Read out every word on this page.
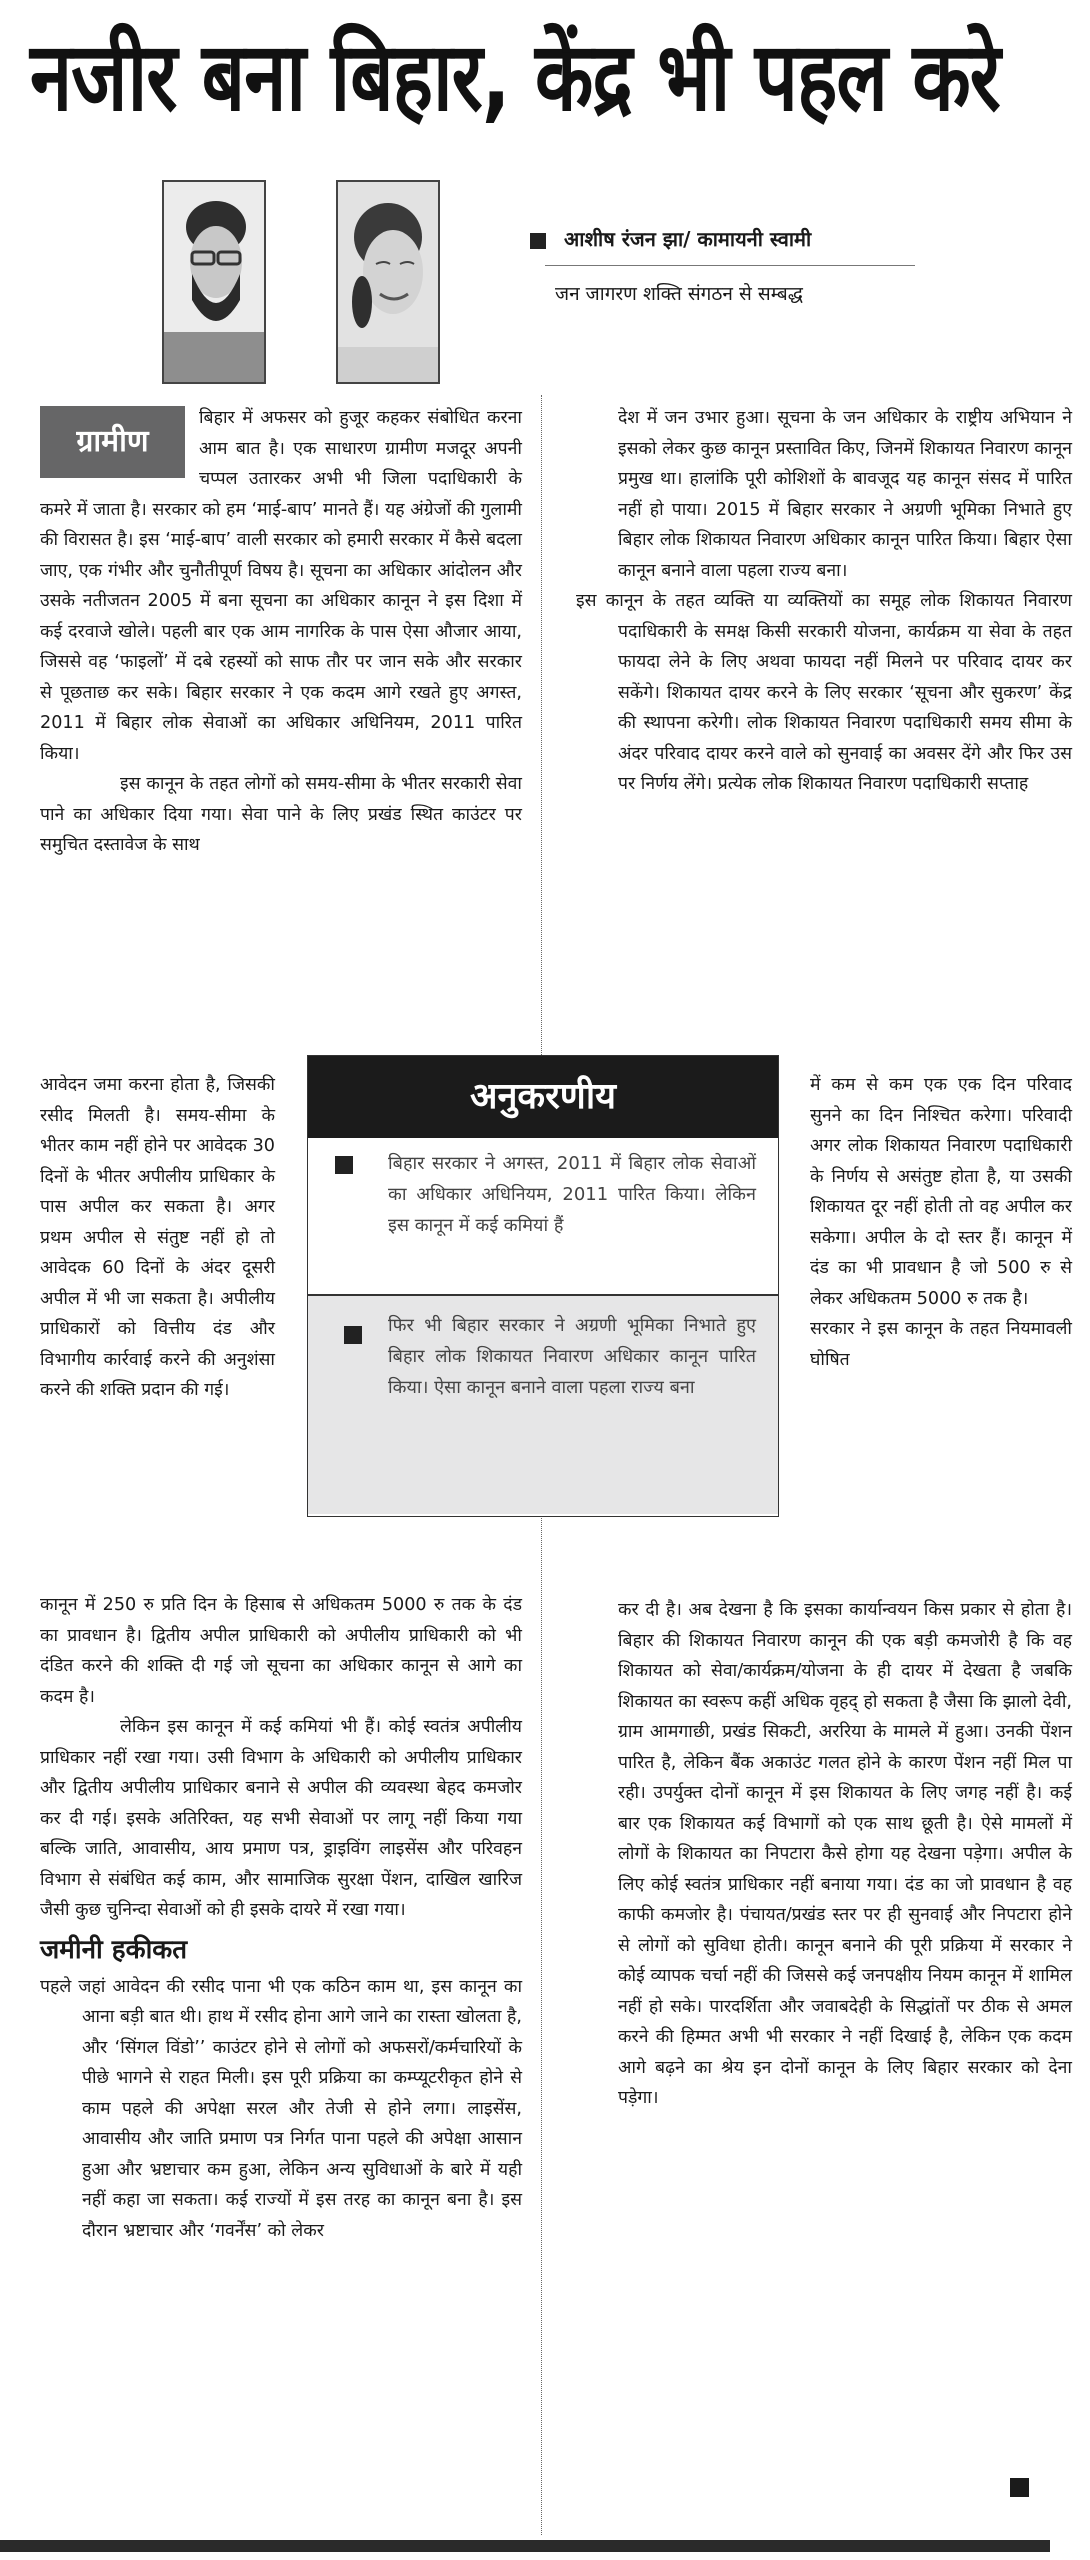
नजीर बना बिहार, केंद्र भी पहल करे
आशीष रंजन झा/ कामायनी स्वामी
जन जागरण शक्ति संगठन से सम्बद्ध
ग्रामीण

बिहार में अफसर को हुजूर कहकर संबोधित करना आम बात है। एक साधारण ग्रामीण मजदूर अपनी चप्पल उतारकर अभी भी जिला पदाधिकारी के कमरे में जाता है। सरकार को हम ‘माई-बाप’ मानते हैं। यह अंग्रेजों की गुलामी की विरासत है। इस ‘माई-बाप’ वाली सरकार को हमारी सरकार में कैसे बदला जाए, एक गंभीर और चुनौतीपूर्ण विषय है। सूचना का अधिकार आंदोलन और उसके नतीजतन 2005 में बना सूचना का अधिकार कानून ने इस दिशा में कई दरवाजे खोले। पहली बार एक आम नागरिक के पास ऐसा औजार आया, जिससे वह ‘फाइलों’ में दबे रहस्यों को साफ तौर पर जान सके और सरकार से पूछताछ कर सके। बिहार सरकार ने एक कदम आगे रखते हुए अगस्त, 2011 में बिहार लोक सेवाओं का अधिकार अधिनियम, 2011 पारित किया।

इस कानून के तहत लोगों को समय-सीमा के भीतर सरकारी सेवा पाने का अधिकार दिया गया। सेवा पाने के लिए प्रखंड स्थित काउंटर पर समुचित दस्तावेज के साथ

आवेदन जमा करना होता है, जिसकी रसीद मिलती है। समय-सीमा के भीतर काम नहीं होने पर आवेदक 30 दिनों के भीतर अपीलीय प्राधिकार के पास अपील कर सकता है। अगर प्रथम अपील से संतुष्ट नहीं हो तो आवेदक 60 दिनों के अंदर दूसरी अपील में भी जा सकता है। अपीलीय प्राधिकारों को वित्तीय दंड और विभागीय कार्रवाई करने की अनुशंसा करने की शक्ति प्रदान की गई।

कानून में 250 रु प्रति दिन के हिसाब से अधिकतम 5000 रु तक के दंड का प्रावधान है। द्वितीय अपील प्राधिकारी को अपीलीय प्राधिकारी को भी दंडित करने की शक्ति दी गई जो सूचना का अधिकार कानून से आगे का कदम है।

लेकिन इस कानून में कई कमियां भी हैं। कोई स्वतंत्र अपीलीय प्राधिकार नहीं रखा गया। उसी विभाग के अधिकारी को अपीलीय प्राधिकार और द्वितीय अपीलीय प्राधिकार बनाने से अपील की व्यवस्था बेहद कमजोर कर दी गई। इसके अतिरिक्त, यह सभी सेवाओं पर लागू नहीं किया गया बल्कि जाति, आवासीय, आय प्रमाण पत्र, ड्राइविंग लाइसेंस और परिवहन विभाग से संबंधित कई काम, और सामाजिक सुरक्षा पेंशन, दाखिल खारिज जैसी कुछ चुनिन्दा सेवाओं को ही इसके दायरे में रखा गया।

जमीनी हकीकत

पहले जहां आवेदन की रसीद पाना भी एक कठिन काम था, इस कानून का आना बड़ी बात थी। हाथ में रसीद होना आगे जाने का रास्ता खोलता है, और ‘सिंगल विंडो’’ काउंटर होने से लोगों को अफसरों/कर्मचारियों के पीछे भागने से राहत मिली। इस पूरी प्रक्रिया का कम्प्यूटरीकृत होने से काम पहले की अपेक्षा सरल और तेजी से होने लगा। लाइसेंस, आवासीय और जाति प्रमाण पत्र निर्गत पाना पहले की अपेक्षा आसान हुआ और भ्रष्टाचार कम हुआ, लेकिन अन्य सुविधाओं के बारे में यही नहीं कहा जा सकता। कई राज्यों में इस तरह का कानून बना है। इस दौरान भ्रष्टाचार और ‘गवर्नेंस’ को लेकर

देश में जन उभार हुआ। सूचना के जन अधिकार के राष्ट्रीय अभियान ने इसको लेकर कुछ कानून प्रस्तावित किए, जिनमें शिकायत निवारण कानून प्रमुख था। हालांकि पूरी कोशिशों के बावजूद यह कानून संसद में पारित नहीं हो पाया। 2015 में बिहार सरकार ने अग्रणी भूमिका निभाते हुए बिहार लोक शिकायत निवारण अधिकार कानून पारित किया। बिहार ऐसा कानून बनाने वाला पहला राज्य बना।

इस कानून के तहत व्यक्ति या व्यक्तियों का समूह लोक शिकायत निवारण पदाधिकारी के समक्ष किसी सरकारी योजना, कार्यक्रम या सेवा के तहत फायदा लेने के लिए अथवा फायदा नहीं मिलने पर परिवाद दायर कर सकेंगे। शिकायत दायर करने के लिए सरकार ‘सूचना और सुकरण’ केंद्र की स्थापना करेगी। लोक शिकायत निवारण पदाधिकारी समय सीमा के अंदर परिवाद दायर करने वाले को सुनवाई का अवसर देंगे और फिर उस पर निर्णय लेंगे। प्रत्येक लोक शिकायत निवारण पदाधिकारी सप्ताह

में कम से कम एक एक दिन परिवाद सुनने का दिन निश्चित करेगा। परिवादी अगर लोक शिकायत निवारण पदाधिकारी के निर्णय से असंतुष्ट होता है, या उसकी शिकायत दूर नहीं होती तो वह अपील कर सकेगा। अपील के दो स्तर हैं। कानून में दंड का भी प्रावधान है जो 500 रु से लेकर अधिकतम 5000 रु तक है।

सरकार ने इस कानून के तहत नियमावली घोषित

कर दी है। अब देखना है कि इसका कार्यान्वयन किस प्रकार से होता है। बिहार की शिकायत निवारण कानून की एक बड़ी कमजोरी है कि वह शिकायत को सेवा/कार्यक्रम/योजना के ही दायर में देखता है जबकि शिकायत का स्वरूप कहीं अधिक वृहद् हो सकता है जैसा कि झालो देवी, ग्राम आमगाछी, प्रखंड सिकटी, अररिया के मामले में हुआ। उनकी पेंशन पारित है, लेकिन बैंक अकाउंट गलत होने के कारण पेंशन नहीं मिल पा रही। उपर्युक्त दोनों कानून में इस शिकायत के लिए जगह नहीं है। कई बार एक शिकायत कई विभागों को एक साथ छूती है। ऐसे मामलों में लोगों के शिकायत का निपटारा कैसे होगा यह देखना पड़ेगा। अपील के लिए कोई स्वतंत्र प्राधिकार नहीं बनाया गया। दंड का जो प्रावधान है वह काफी कमजोर है। पंचायत/प्रखंड स्तर पर ही सुनवाई और निपटारा होने से लोगों को सुविधा होती। कानून बनाने की पूरी प्रक्रिया में सरकार ने कोई व्यापक चर्चा नहीं की जिससे कई जनपक्षीय नियम कानून में शामिल नहीं हो सके। पारदर्शिता और जवाबदेही के सिद्धांतों पर ठीक से अमल करने की हिम्मत अभी भी सरकार ने नहीं दिखाई है, लेकिन एक कदम आगे बढ़ने का श्रेय इन दोनों कानून के लिए बिहार सरकार को देना पड़ेगा।

अनुकरणीय
बिहार सरकार ने अगस्त, 2011 में बिहार लोक सेवाओं का अधिकार अधिनियम, 2011 पारित किया। लेकिन इस कानून में कई कमियां हैं
फिर भी बिहार सरकार ने अग्रणी भूमिका निभाते हुए बिहार लोक शिकायत निवारण अधिकार कानून पारित किया। ऐसा कानून बनाने वाला पहला राज्य बना
